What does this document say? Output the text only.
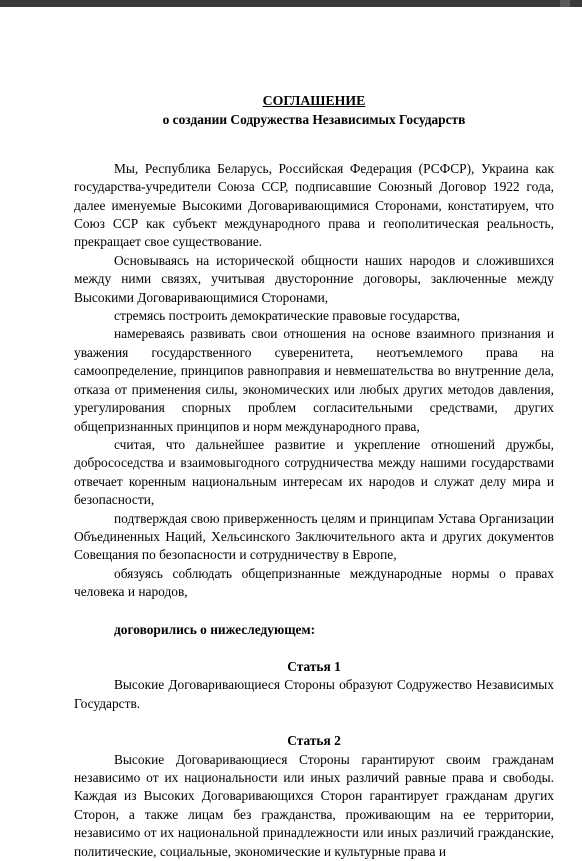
СОГЛАШЕНИЕ
о создании Содружества Независимых Государств

Мы, Республика Беларусь, Российская Федерация (РСФСР), Украина как государства-учредители Союза ССР, подписавшие Союзный Договор 1922 года, далее именуемые Высокими Договаривающимися Сторонами, констатируем, что Союз ССР как субъект международного права и геополитическая реальность, прекращает свое существование.

Основываясь на исторической общности наших народов и сложившихся между ними связях, учитывая двусторонние договоры, заключенные между Высокими Договаривающимися Сторонами,

стремясь построить демократические правовые государства,

намереваясь развивать свои отношения на основе взаимного признания и уважения государственного суверенитета, неотъемлемого права на самоопределение, принципов равноправия и невмешательства во внутренние дела, отказа от применения силы, экономических или любых других методов давления, урегулирования спорных проблем согласительными средствами, других общепризнанных принципов и норм международного права,

считая, что дальнейшее развитие и укрепление отношений дружбы, добрососедства и взаимовыгодного сотрудничества между нашими государствами отвечает коренным национальным интересам их народов и служат делу мира и безопасности,

подтверждая свою приверженность целям и принципам Устава Организации Объединенных Наций, Хельсинского Заключительного акта и других документов Совещания по безопасности и сотрудничеству в Европе,

обязуясь соблюдать общепризнанные международные нормы о правах человека и народов,

договорились о нижеследующем:

Статья 1

Высокие Договаривающиеся Стороны образуют Содружество Независимых Государств.

Статья 2

Высокие Договаривающиеся Стороны гарантируют своим гражданам независимо от их национальности или иных различий равные права и свободы. Каждая из Высоких Договаривающихся Сторон гарантирует гражданам других Сторон, а также лицам без гражданства, проживающим на ее территории, независимо от их национальной принадлежности или иных различий гражданские, политические, социальные, экономические и культурные права и
